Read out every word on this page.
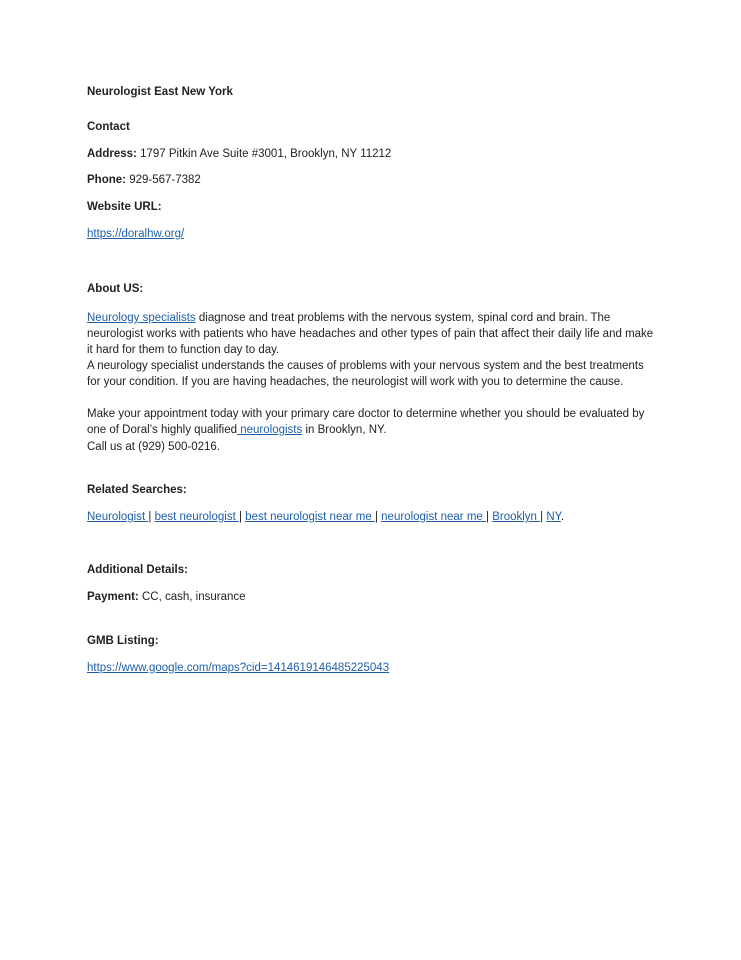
Neurologist East New York
Contact
Address: 1797 Pitkin Ave Suite #3001, Brooklyn, NY 11212
Phone: 929-567-7382
Website URL:
https://doralhw.org/
About US:
Neurology specialists diagnose and treat problems with the nervous system, spinal cord and brain. The neurologist works with patients who have headaches and other types of pain that affect their daily life and make it hard for them to function day to day.
A neurology specialist understands the causes of problems with your nervous system and the best treatments for your condition. If you are having headaches, the neurologist will work with you to determine the cause.
Make your appointment today with your primary care doctor to determine whether you should be evaluated by one of Doral’s highly qualified neurologists in Brooklyn, NY.
Call us at (929) 500-0216.
Related Searches:
Neurologist | best neurologist | best neurologist near me | neurologist near me | Brooklyn | NY.
Additional Details:
Payment: CC, cash, insurance
GMB Listing:
https://www.google.com/maps?cid=1414619146485225043
